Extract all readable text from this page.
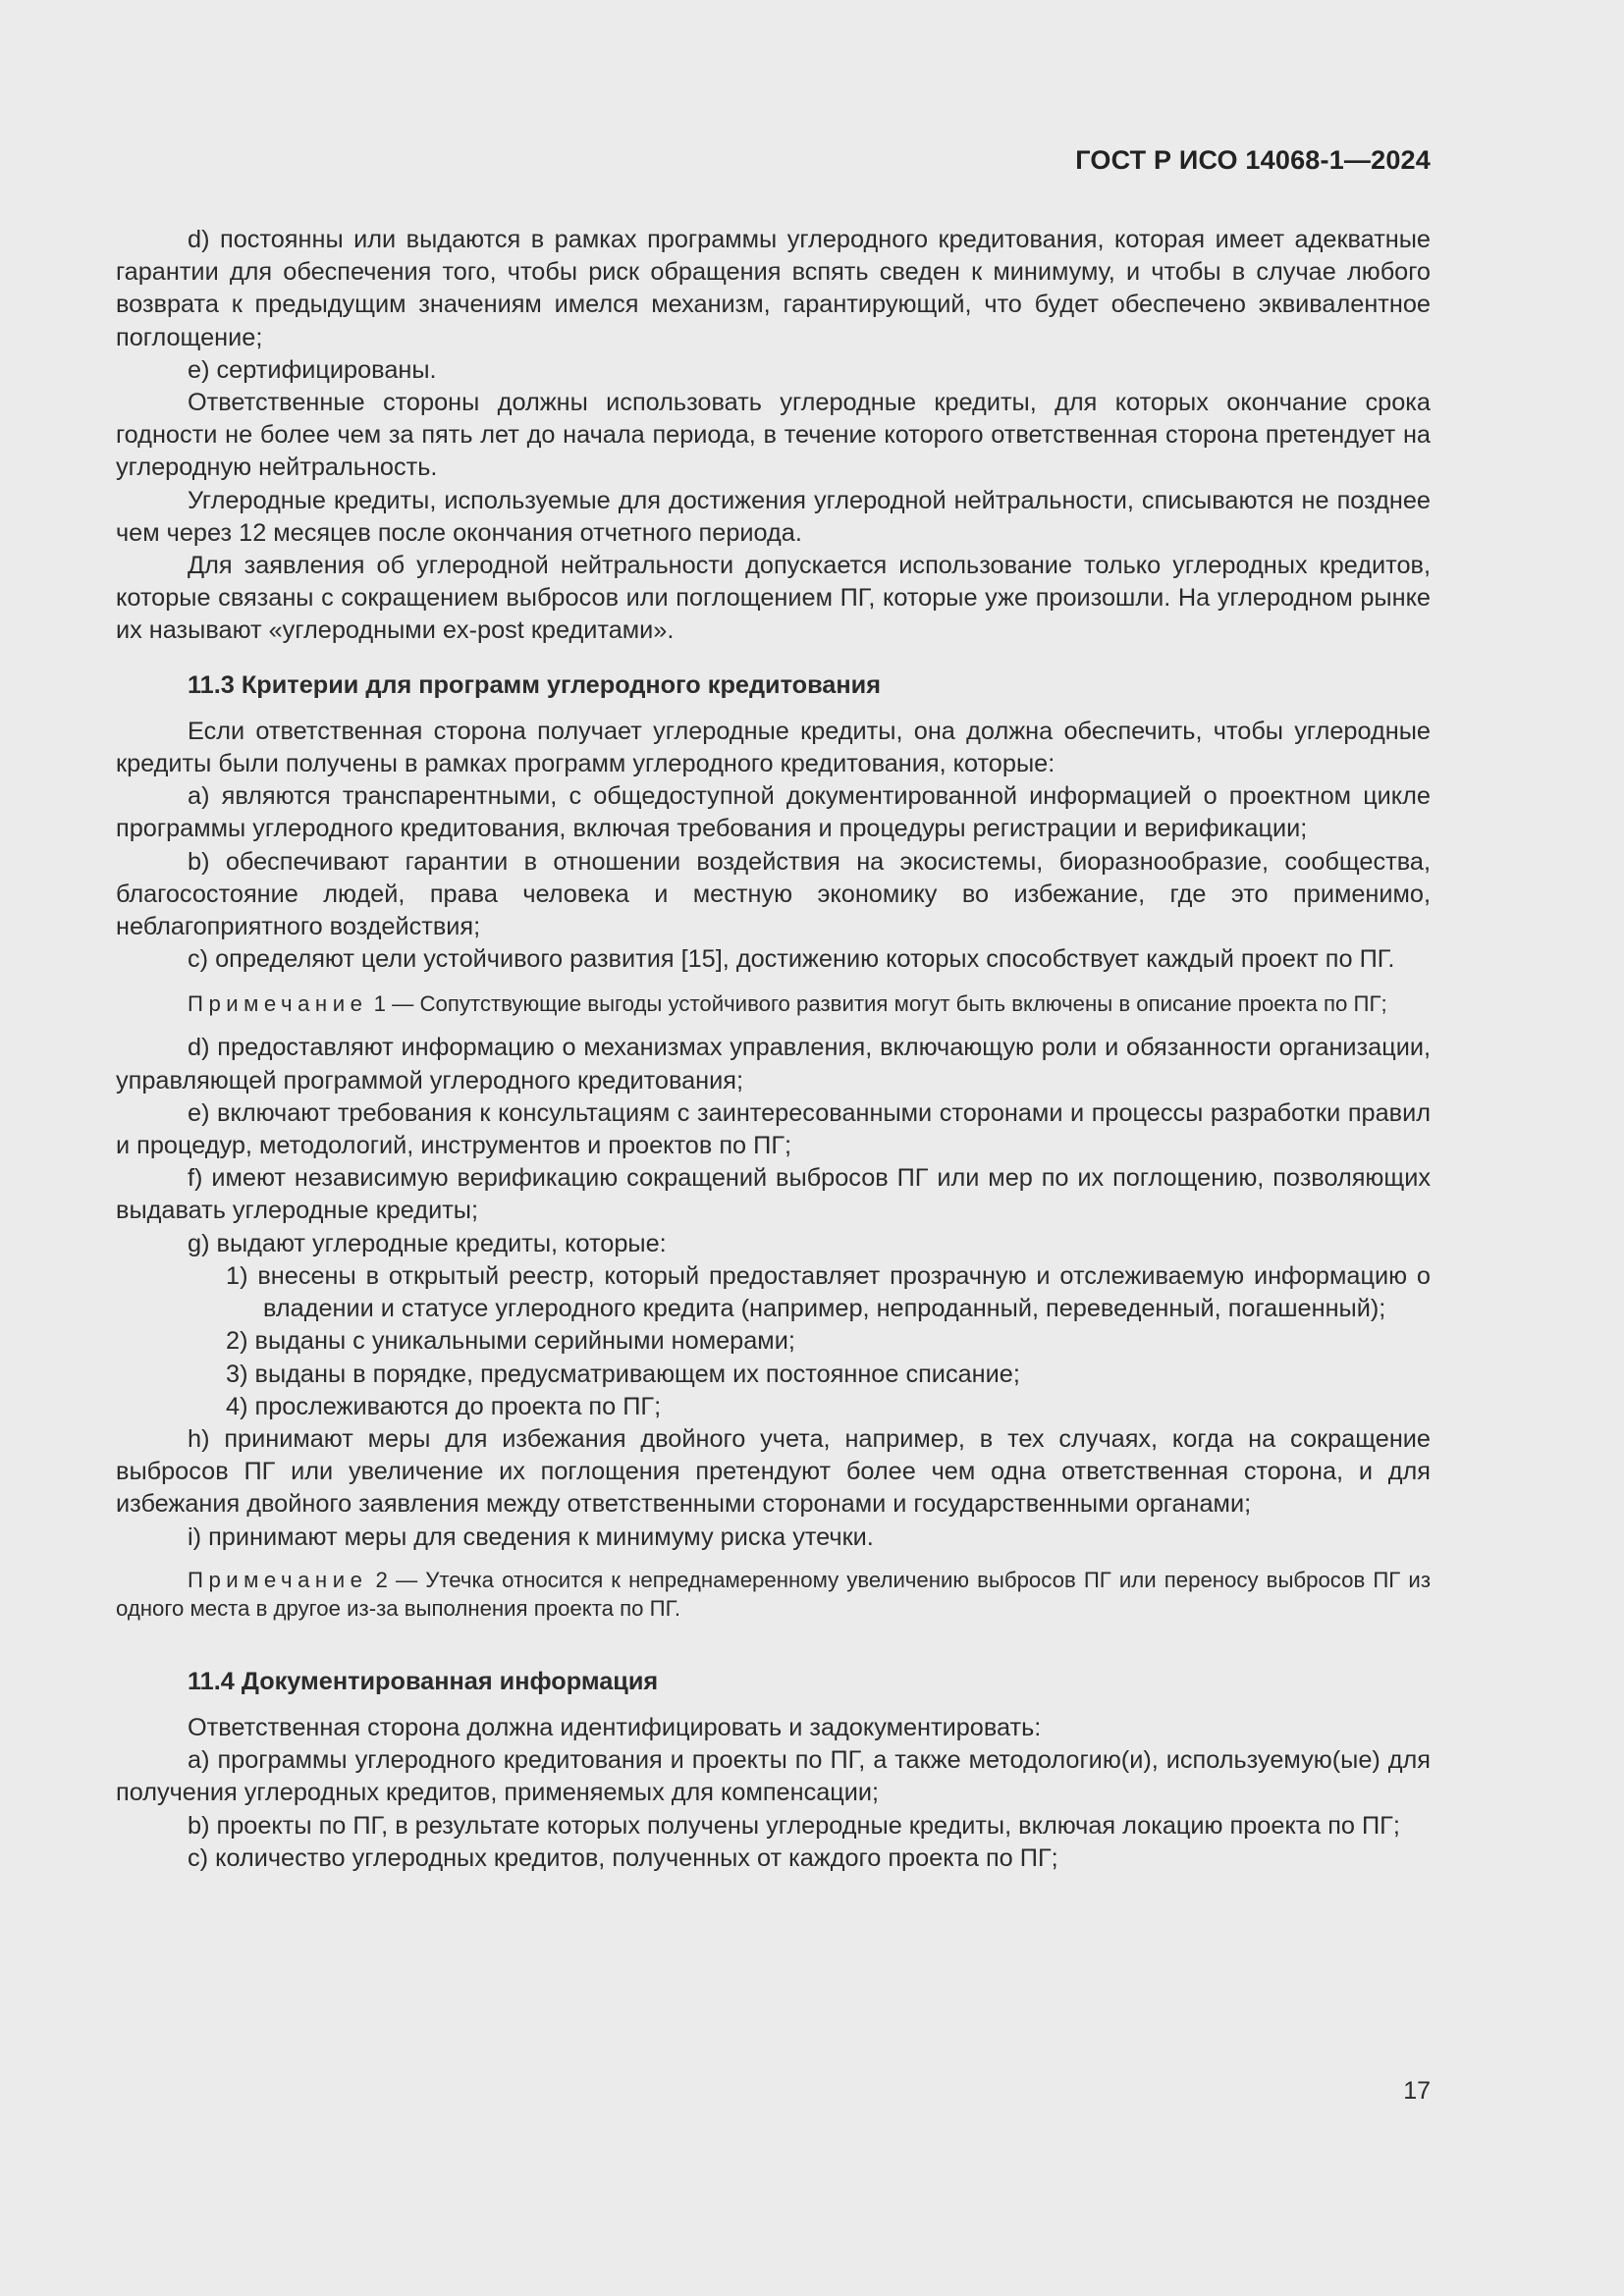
ГОСТ Р ИСО 14068-1—2024

d) постоянны или выдаются в рамках программы углеродного кредитования, которая имеет адекватные гарантии для обеспечения того, чтобы риск обращения вспять сведен к минимуму, и чтобы в случае любого возврата к предыдущим значениям имелся механизм, гарантирующий, что будет обеспечено эквивалентное поглощение;

e) сертифицированы.

Ответственные стороны должны использовать углеродные кредиты, для которых окончание срока годности не более чем за пять лет до начала периода, в течение которого ответственная сторона претендует на углеродную нейтральность.

Углеродные кредиты, используемые для достижения углеродной нейтральности, списываются не позднее чем через 12 месяцев после окончания отчетного периода.

Для заявления об углеродной нейтральности допускается использование только углеродных кредитов, которые связаны с сокращением выбросов или поглощением ПГ, которые уже произошли. На углеродном рынке их называют «углеродными ex-post кредитами».

11.3 Критерии для программ углеродного кредитования

Если ответственная сторона получает углеродные кредиты, она должна обеспечить, чтобы углеродные кредиты были получены в рамках программ углеродного кредитования, которые:

a) являются транспарентными, с общедоступной документированной информацией о проектном цикле программы углеродного кредитования, включая требования и процедуры регистрации и верификации;

b) обеспечивают гарантии в отношении воздействия на экосистемы, биоразнообразие, сообщества, благосостояние людей, права человека и местную экономику во избежание, где это применимо, неблагоприятного воздействия;

c) определяют цели устойчивого развития [15], достижению которых способствует каждый проект по ПГ.

Примечание 1 — Сопутствующие выгоды устойчивого развития могут быть включены в описание проекта по ПГ;

d) предоставляют информацию о механизмах управления, включающую роли и обязанности организации, управляющей программой углеродного кредитования;

e) включают требования к консультациям с заинтересованными сторонами и процессы разработки правил и процедур, методологий, инструментов и проектов по ПГ;

f) имеют независимую верификацию сокращений выбросов ПГ или мер по их поглощению, позволяющих выдавать углеродные кредиты;

g) выдают углеродные кредиты, которые:

1) внесены в открытый реестр, который предоставляет прозрачную и отслеживаемую информацию о владении и статусе углеродного кредита (например, непроданный, переведенный, погашенный);

2) выданы с уникальными серийными номерами;

3) выданы в порядке, предусматривающем их постоянное списание;

4) прослеживаются до проекта по ПГ;

h) принимают меры для избежания двойного учета, например, в тех случаях, когда на сокращение выбросов ПГ или увеличение их поглощения претендуют более чем одна ответственная сторона, и для избежания двойного заявления между ответственными сторонами и государственными органами;

i) принимают меры для сведения к минимуму риска утечки.

Примечание 2 — Утечка относится к непреднамеренному увеличению выбросов ПГ или переносу выбросов ПГ из одного места в другое из-за выполнения проекта по ПГ.

11.4 Документированная информация

Ответственная сторона должна идентифицировать и задокументировать:

a) программы углеродного кредитования и проекты по ПГ, а также методологию(и), используемую(ые) для получения углеродных кредитов, применяемых для компенсации;

b) проекты по ПГ, в результате которых получены углеродные кредиты, включая локацию проекта по ПГ;

c) количество углеродных кредитов, полученных от каждого проекта по ПГ;

17
